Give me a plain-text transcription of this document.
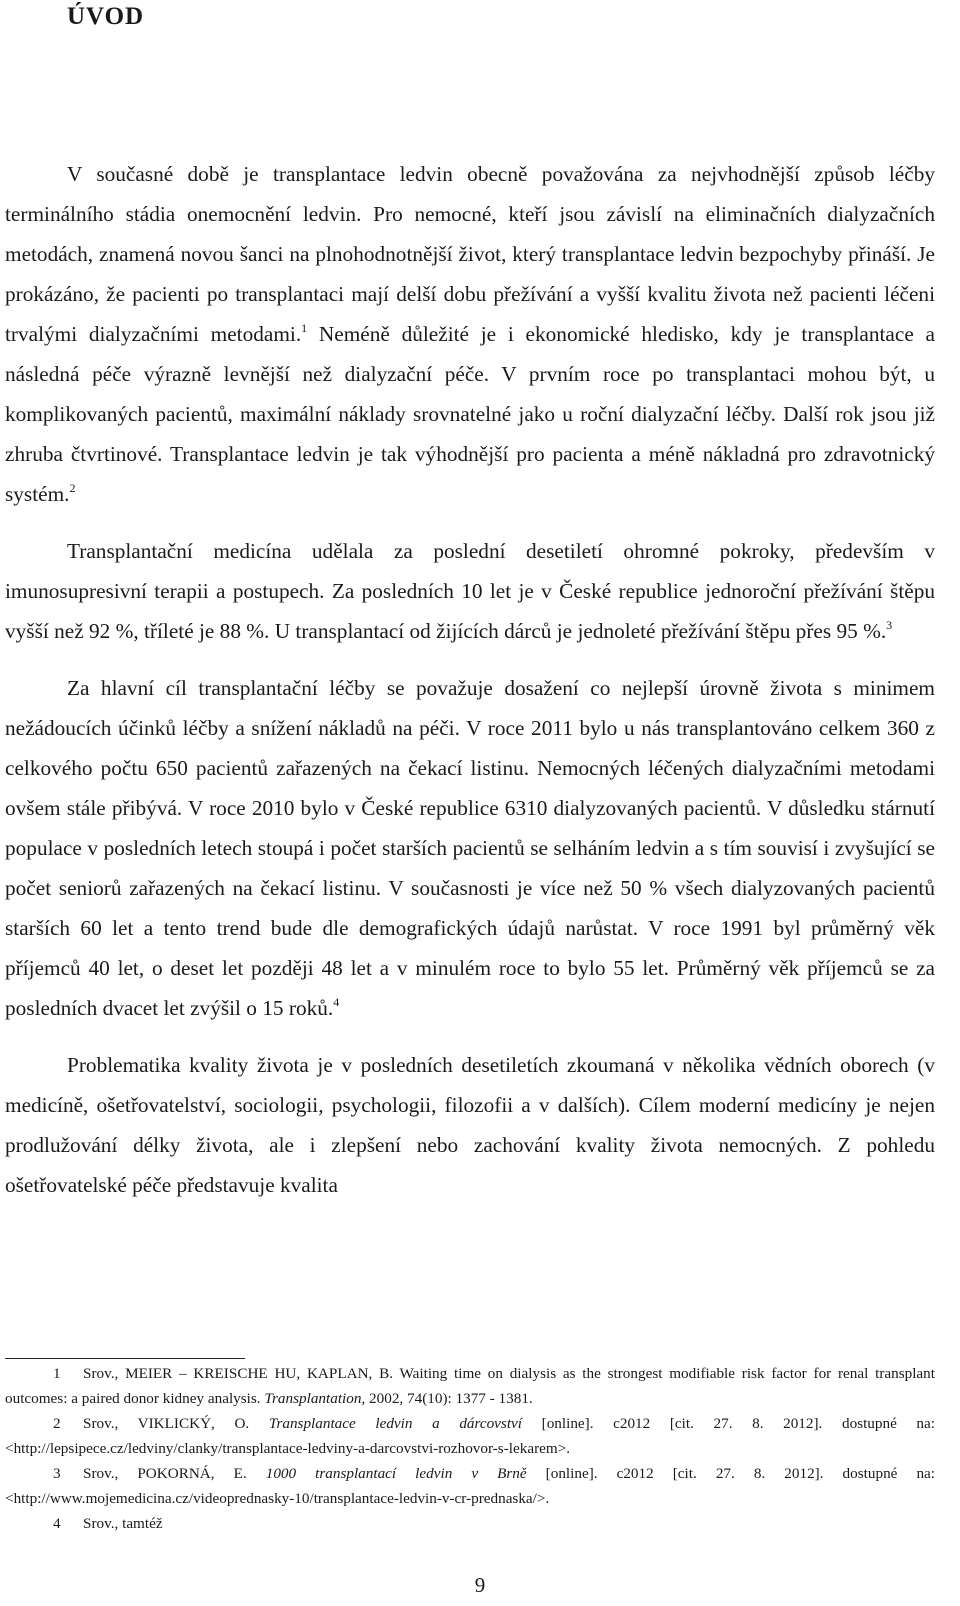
ÚVOD

V současné době je transplantace ledvin obecně považována za nejvhodnější způsob léčby terminálního stádia onemocnění ledvin. Pro nemocné, kteří jsou závislí na eliminačních dialyzačních metodách, znamená novou šanci na plnohodnotnější život, který transplantace ledvin bezpochyby přináší. Je prokázáno, že pacienti po transplantaci mají delší dobu přežívání a vyšší kvalitu života než pacienti léčeni trvalými dialyzačními metodami.$^1$ Neméně důležité je i ekonomické hledisko, kdy je transplantace a následná péče výrazně levnější než dialyzační péče. V prvním roce po transplantaci mohou být, u komplikovaných pacientů, maximální náklady srovnatelné jako u roční dialyzační léčby. Další rok jsou již zhruba čtvrtinové. Transplantace ledvin je tak výhodnější pro pacienta a méně nákladná pro zdravotnický systém.$^2$

Transplantační medicína udělala za poslední desetiletí ohromné pokroky, především v imunosupresivní terapii a postupech. Za posledních 10 let je v České republice jednoroční přežívání štěpu vyšší než 92 %, tříleté je 88 %. U transplantací od žijících dárců je jednoleté přežívání štěpu přes 95 %.$^3$

Za hlavní cíl transplantační léčby se považuje dosažení co nejlepší úrovně života s minimem nežádoucích účinků léčby a snížení nákladů na péči. V roce 2011 bylo u nás transplantováno celkem 360 z celkového počtu 650 pacientů zařazených na čekací listinu. Nemocných léčených dialyzačními metodami ovšem stále přibývá. V roce 2010 bylo v České republice 6310 dialyzovaných pacientů. V důsledku stárnutí populace v posledních letech stoupá i počet starších pacientů se selháním ledvin a s tím souvisí i zvyšující se počet seniorů zařazených na čekací listinu. V současnosti je více než 50 % všech dialyzovaných pacientů starších 60 let a tento trend bude dle demografických údajů narůstat. V roce 1991 byl průměrný věk příjemců 40 let, o deset let později 48 let a v minulém roce to bylo 55 let. Průměrný věk příjemců se za posledních dvacet let zvýšil o 15 roků.$^4$

Problematika kvality života je v posledních desetiletích zkoumaná v několika vědních oborech (v medicíně, ošetřovatelství, sociologii, psychologii, filozofii a v dalších). Cílem moderní medicíny je nejen prodlužování délky života, ale i zlepšení nebo zachování kvality života nemocných. Z pohledu ošetřovatelské péče představuje kvalita

1 Srov., MEIER – KREISCHE HU, KAPLAN, B. Waiting time on dialysis as the strongest modifiable risk factor for renal transplant outcomes: a paired donor kidney analysis. Transplantation, 2002, 74(10): 1377 - 1381.

2 Srov., VIKLICKÝ, O. Transplantace ledvin a dárcovství [online]. c2012 [cit. 27. 8. 2012]. dostupné na: <http://lepsipece.cz/ledviny/clanky/transplantace-ledviny-a-darcovstvi-rozhovor-s-lekarem>.

3 Srov., POKORNÁ, E. 1000 transplantací ledvin v Brně [online]. c2012 [cit. 27. 8. 2012]. dostupné na: <http://www.mojemedicina.cz/videoprednasky-10/transplantace-ledvin-v-cr-prednaska/>.

4 Srov., tamtéž

9
